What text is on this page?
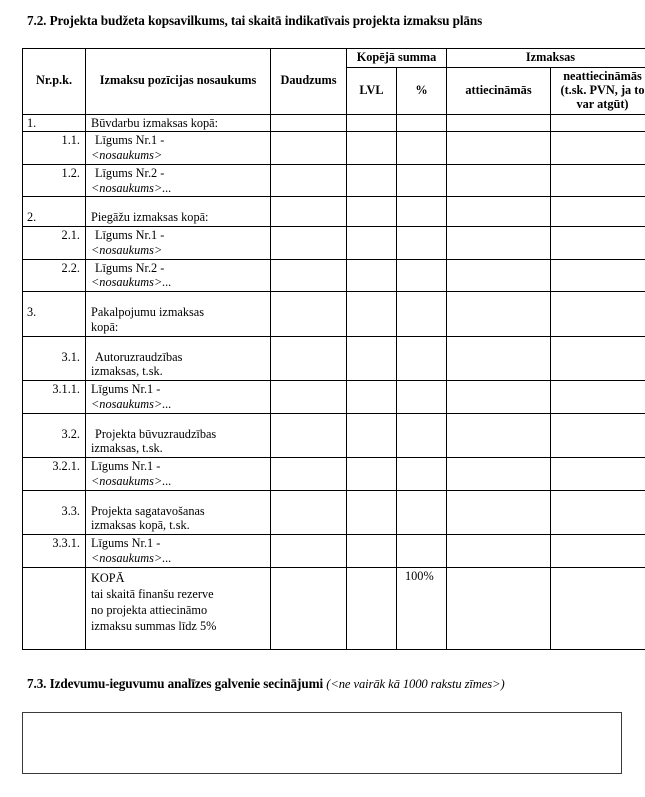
7.2. Projekta budžeta kopsavilkums, tai skaitā indikatīvais projekta izmaksu plāns
Nr.p.k.	Izmaksu pozīcijas nosaukums	Daudzums	Kopējā summa		Izmaksas	
			LVL	%	attiecināmās	neattiecināmās
(t.sk. PVN, ja to var atgūt)

1.	Būvdarbu izmaksas kopā:					

1.1.	Līgums Nr.1 -
<nosaukums>					

1.2.	Līgums Nr.2 -
<nosaukums>...					

2.	Piegāžu izmaksas kopā:					

2.1.	Līgums Nr.1 -
<nosaukums>					

2.2.	Līgums Nr.2 -
<nosaukums>...					

3.	Pakalpojumu izmaksas
kopā:					

3.1.	Autoruzraudzības
izmaksas, t.sk.					

3.1.1.	Līgums Nr.1 -
<nosaukums>...					

3.2.	Projekta būvuzraudzības
izmaksas, t.sk.					

3.2.1.	Līgums Nr.1 -
<nosaukums>...					

3.3.	Projekta sagatavošanas
izmaksas kopā, t.sk.					

3.3.1.	Līgums Nr.1 -
<nosaukums>...					

	KOPĀ
tai skaitā finanšu rezerve
no projekta attiecināmo
izmaksu summas līdz 5%			100%		
7.3. Izdevumu-ieguvumu analīzes galvenie secinājumi (<ne vairāk kā 1000 rakstu zīmes>)
